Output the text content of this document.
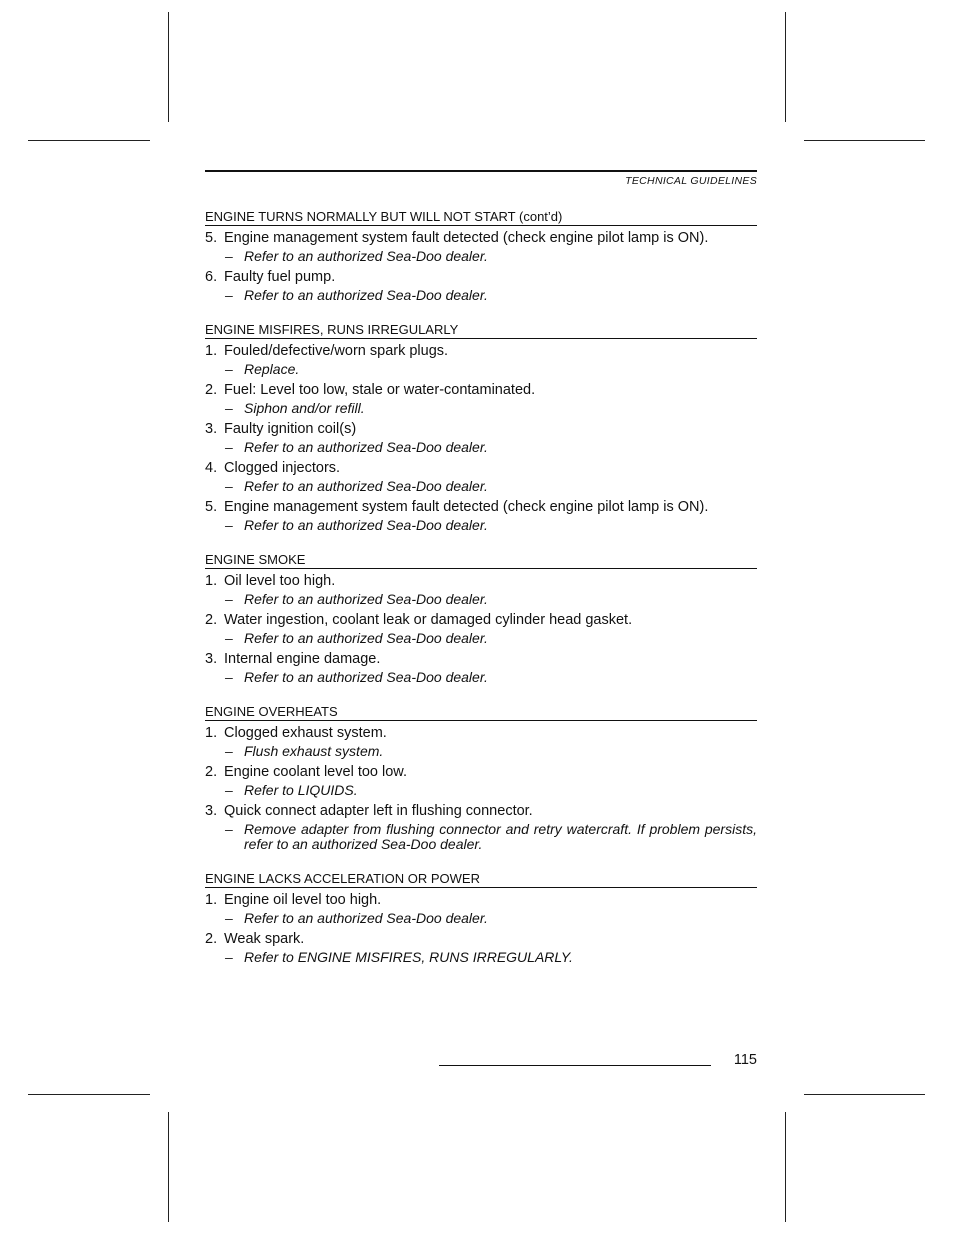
TECHNICAL GUIDELINES
ENGINE TURNS NORMALLY BUT WILL NOT START (cont’d)
5. Engine management system fault detected (check engine pilot lamp is ON).
– Refer to an authorized Sea-Doo dealer.
6. Faulty fuel pump.
– Refer to an authorized Sea-Doo dealer.
ENGINE MISFIRES, RUNS IRREGULARLY
1. Fouled/defective/worn spark plugs.
– Replace.
2. Fuel: Level too low, stale or water-contaminated.
– Siphon and/or refill.
3. Faulty ignition coil(s)
– Refer to an authorized Sea-Doo dealer.
4. Clogged injectors.
– Refer to an authorized Sea-Doo dealer.
5. Engine management system fault detected (check engine pilot lamp is ON).
– Refer to an authorized Sea-Doo dealer.
ENGINE SMOKE
1. Oil level too high.
– Refer to an authorized Sea-Doo dealer.
2. Water ingestion, coolant leak or damaged cylinder head gasket.
– Refer to an authorized Sea-Doo dealer.
3. Internal engine damage.
– Refer to an authorized Sea-Doo dealer.
ENGINE OVERHEATS
1. Clogged exhaust system.
– Flush exhaust system.
2. Engine coolant level too low.
– Refer to LIQUIDS.
3. Quick connect adapter left in flushing connector.
– Remove adapter from flushing connector and retry watercraft. If problem persists, refer to an authorized Sea-Doo dealer.
ENGINE LACKS ACCELERATION OR POWER
1. Engine oil level too high.
– Refer to an authorized Sea-Doo dealer.
2. Weak spark.
– Refer to ENGINE MISFIRES, RUNS IRREGULARLY.
115
